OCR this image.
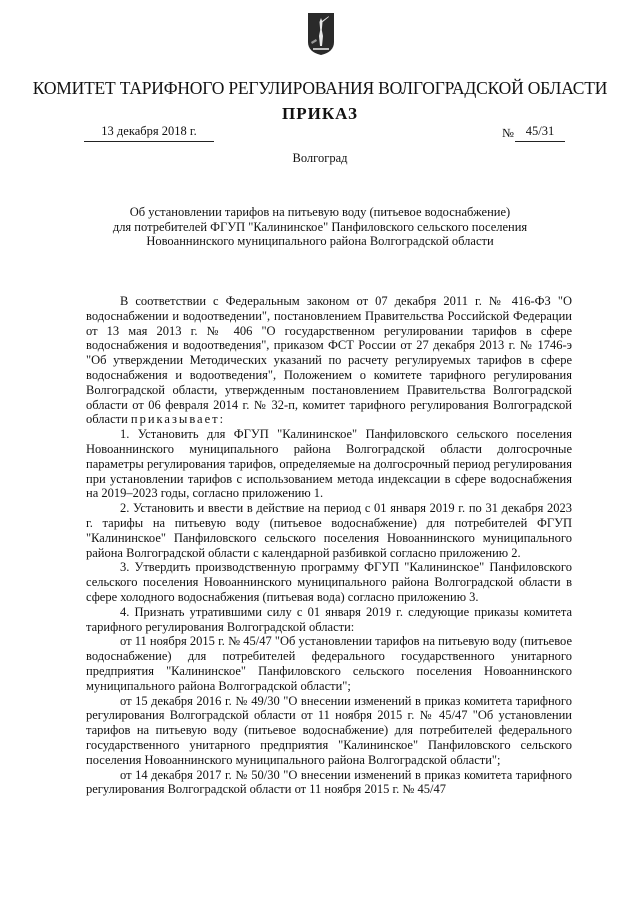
КОМИТЕТ ТАРИФНОГО РЕГУЛИРОВАНИЯ ВОЛГОГРАДСКОЙ ОБЛАСТИ
ПРИКАЗ
13 декабря 2018 г.	№ 45/31
Волгоград
Об установлении тарифов на питьевую воду (питьевое водоснабжение)
для потребителей ФГУП "Калининское" Панфиловского сельского поселения
Новоаннинского муниципального района Волгоградской области

В соответствии с Федеральным законом от 07 декабря 2011 г. № 416-ФЗ "О водоснабжении и водоотведении", постановлением Правительства Российской Федерации от 13 мая 2013 г. № 406 "О государственном регулировании тарифов в сфере водоснабжения и водоотведения", приказом ФСТ России от 27 декабря 2013 г. № 1746-э "Об утверждении Методических указаний по расчету регулируемых тарифов в сфере водоснабжения и водоотведения", Положением о комитете тарифного регулирования Волгоградской области, утвержденным постановлением Правительства Волгоградской области от 06 февраля 2014 г. № 32-п, комитет тарифного регулирования Волгоградской области приказывает:

1. Установить для ФГУП "Калининское" Панфиловского сельского поселения Новоаннинского муниципального района Волгоградской области долгосрочные параметры регулирования тарифов, определяемые на долгосрочный период регулирования при установлении тарифов с использованием метода индексации в сфере водоснабжения на 2019–2023 годы, согласно приложению 1.

2. Установить и ввести в действие на период с 01 января 2019 г. по 31 декабря 2023 г. тарифы на питьевую воду (питьевое водоснабжение) для потребителей ФГУП "Калининское" Панфиловского сельского поселения Новоаннинского муниципального района Волгоградской области с календарной разбивкой согласно приложению 2.

3. Утвердить производственную программу ФГУП "Калининское" Панфиловского сельского поселения Новоаннинского муниципального района Волгоградской области в сфере холодного водоснабжения (питьевая вода) согласно приложению 3.

4. Признать утратившими силу с 01 января 2019 г. следующие приказы комитета тарифного регулирования Волгоградской области:

от 11 ноября 2015 г. № 45/47 "Об установлении тарифов на питьевую воду (питьевое водоснабжение) для потребителей федерального государственного унитарного предприятия "Калининское" Панфиловского сельского поселения Новоаннинского муниципального района Волгоградской области";

от 15 декабря 2016 г. № 49/30 "О внесении изменений в приказ комитета тарифного регулирования Волгоградской области от 11 ноября 2015 г. № 45/47 "Об установлении тарифов на питьевую воду (питьевое водоснабжение) для потребителей федерального государственного унитарного предприятия "Калининское" Панфиловского сельского поселения Новоаннинского муниципального района Волгоградской области";

от 14 декабря 2017 г. № 50/30 "О внесении изменений в приказ комитета тарифного регулирования Волгоградской области от 11 ноября 2015 г. № 45/47
